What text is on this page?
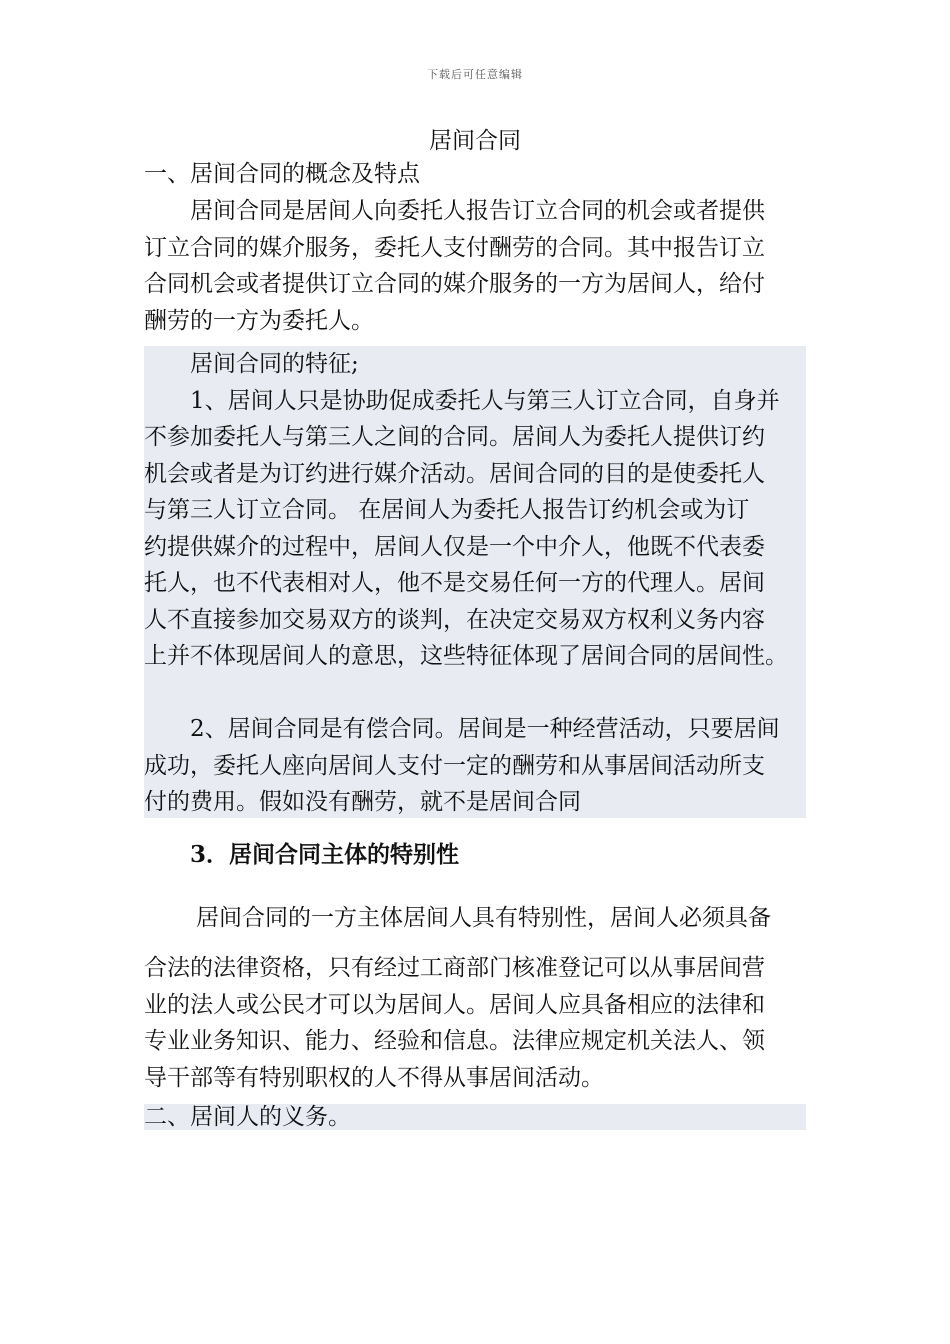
下载后可任意编辑
居间合同
一、居间合同的概念及特点
居间合同是居间人向委托人报告订立合同的机会或者提供
订立合同的媒介服务，委托人支付酬劳的合同。其中报告订立
合同机会或者提供订立合同的媒介服务的一方为居间人，给付
酬劳的一方为委托人。
居间合同的特征;
1、居间人只是协助促成委托人与第三人订立合同，自身并
不参加委托人与第三人之间的合同。居间人为委托人提供订约
机会或者是为订约进行媒介活动。居间合同的目的是使委托人
与第三人订立合同。 在居间人为委托人报告订约机会或为订
约提供媒介的过程中，居间人仅是一个中介人，他既不代表委
托人，也不代表相对人，他不是交易任何一方的代理人。居间
人不直接参加交易双方的谈判，在决定交易双方权利义务内容
上并不体现居间人的意思，这些特征体现了居间合同的居间性。
2、居间合同是有偿合同。居间是一种经营活动，只要居间
成功，委托人座向居间人支付一定的酬劳和从事居间活动所支
付的费用。假如没有酬劳，就不是居间合同
3．居间合同主体的特别性
居间合同的一方主体居间人具有特别性，居间人必须具备
合法的法律资格，只有经过工商部门核准登记可以从事居间营
业的法人或公民才可以为居间人。居间人应具备相应的法律和
专业业务知识、能力、经验和信息。法律应规定机关法人、领
导干部等有特别职权的人不得从事居间活动。
二、居间人的义务。
